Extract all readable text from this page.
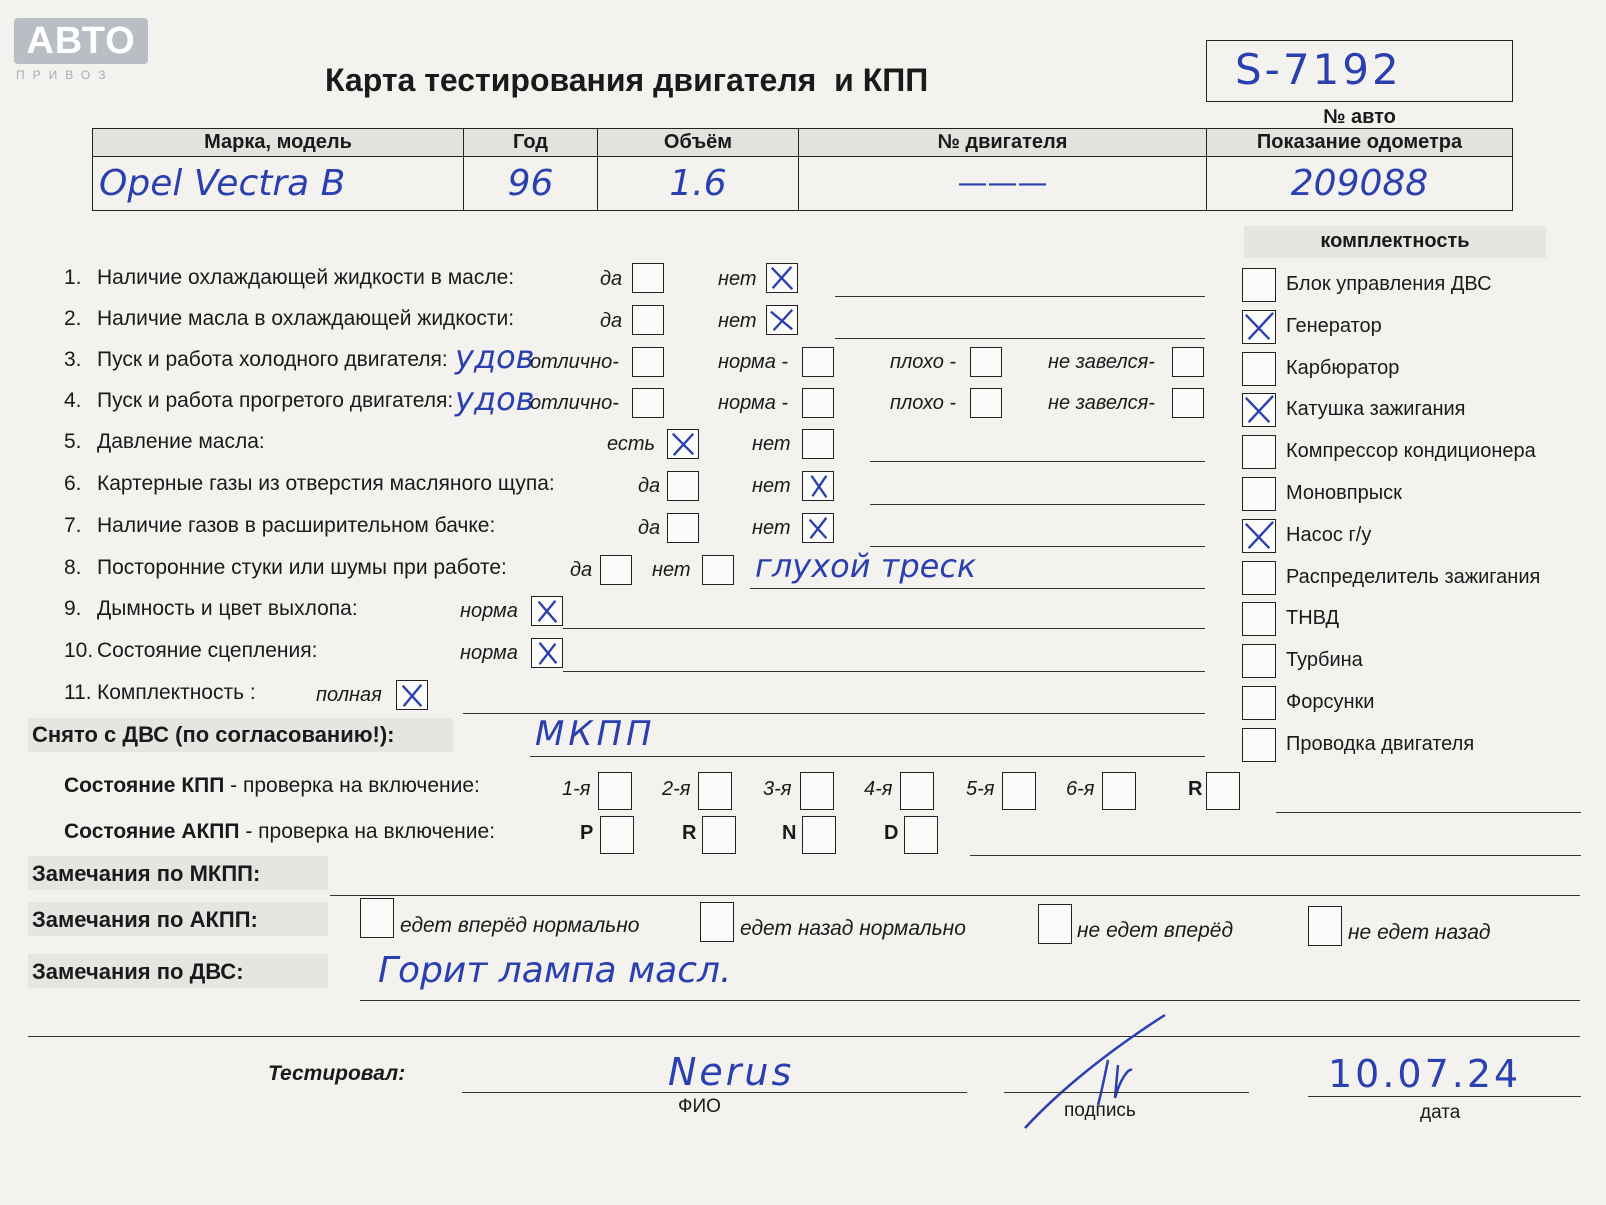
АВТО
ПРИВОЗ	Карта тестирования двигателя  и КПП	S-7192
№ авто
Марка, модель	Год	Объём	№ двигателя	Показание одометра
Opel Vectra B	96	1.6	———	209088
комплектность
Блок управления ДВС
Генератор
Карбюратор
Катушка зажигания
Компрессор кондиционера
Моновпрыск
Насос г/у
Распределитель зажигания
ТНВД
Турбина
Форсунки
Проводка двигателя
1. Наличие охлаждающей жидкости в масле:	да	нет
2. Наличие масла в охлаждающей жидкости:	да	нет
3. Пуск и работа холодного двигателя: удов
отлично-	норма -	плохо -	не завелся-
4. Пуск и работа прогретого двигателя: удов
отлично-	норма -	плохо -	не завелся-
5. Давление масла:	есть	нет
6. Картерные газы из отверстия масляного щупа:	да	нет
7. Наличие газов в расширительном бачке:	да	нет
8. Посторонние стуки или шумы при работе:	да	нет глухой треск
9. Дымность и цвет выхлопа:	норма
10. Состояние сцепления:	норма
11. Комплектность :	полная
Снято с ДВС (по согласованию!):	МКПП
Состояние КПП - проверка на включение:	1-я	2-я	3-я	4-я	5-я	6-я	R
Состояние АКПП - проверка на включение:	P	R	N	D
Замечания по МКПП:
Замечания по АКПП:	едет вперёд нормально	едет назад нормально	не едет вперёд	не едет назад
Замечания по ДВС:	Горит лампа масл.
Тестировал:	Nerus
ФИО	подпись
10.07.24
дата
